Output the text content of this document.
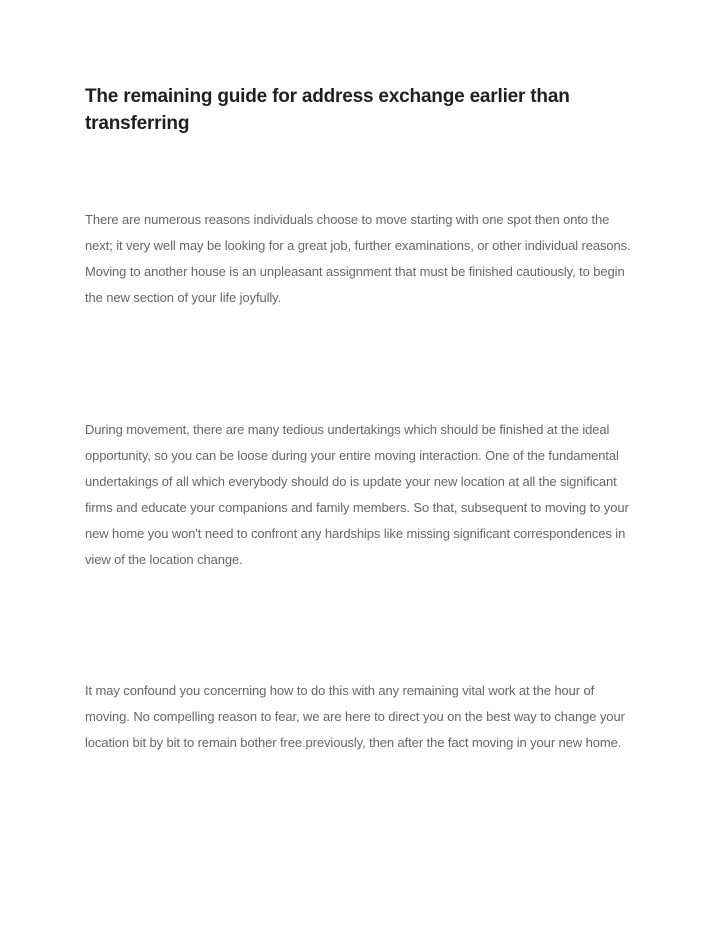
The remaining guide for address exchange earlier than transferring

There are numerous reasons individuals choose to move starting with one spot then onto the next; it very well may be looking for a great job, further examinations, or other individual reasons. Moving to another house is an unpleasant assignment that must be finished cautiously, to begin the new section of your life joyfully.

During movement, there are many tedious undertakings which should be finished at the ideal opportunity, so you can be loose during your entire moving interaction. One of the fundamental undertakings of all which everybody should do is update your new location at all the significant firms and educate your companions and family members. So that, subsequent to moving to your new home you won't need to confront any hardships like missing significant correspondences in view of the location change.

It may confound you concerning how to do this with any remaining vital work at the hour of moving. No compelling reason to fear, we are here to direct you on the best way to change your location bit by bit to remain bother free previously, then after the fact moving in your new home.
